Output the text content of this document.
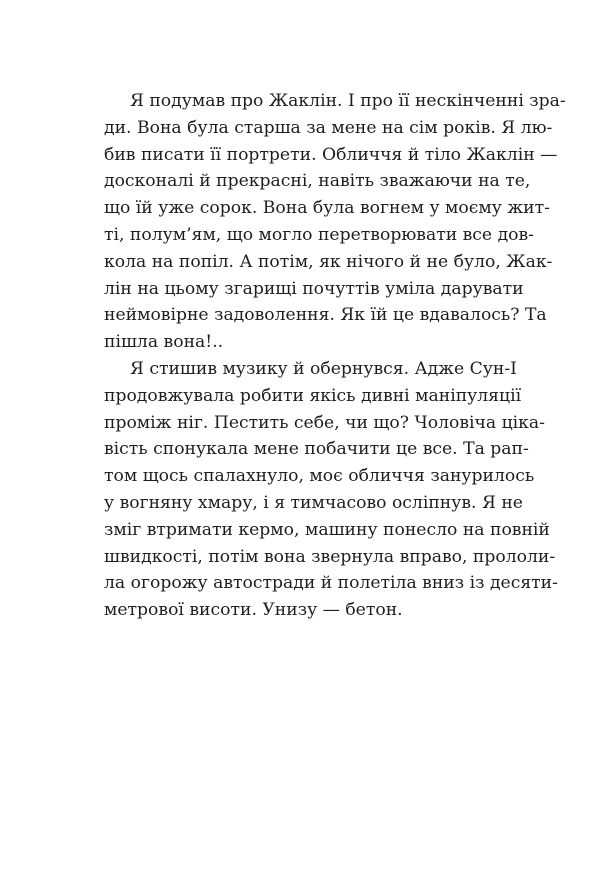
Я подумав про Жаклін. І про її нескінченні зра-
ди. Вона була старша за мене на сім років. Я лю-
бив писати її портрети. Обличчя й тіло Жаклін —
досконалі й прекрасні, навіть зважаючи на те,
що їй уже сорок. Вона була вогнем у моєму жит-
ті, полум’ям, що могло перетворювати все дов-
кола на попіл. А потім, як нічого й не було, Жак-
лін на цьому згарищі почуттів уміла дарувати
неймовірне задоволення. Як їй це вдавалось? Та
пішла вона!..
Я стишив музику й обернувся. Адже Сун-І
продовжувала робити якісь дивні маніпуляції
проміж ніг. Пестить себе, чи що? Чоловіча ціка-
вість спонукала мене побачити це все. Та рап-
том щось спалахнуло, моє обличчя занурилось
у вогняну хмару, і я тимчасово осліпнув. Я не
зміг втримати кермо, машину понесло на повній
швидкості, потім вона звернула вправо, прололи-
ла огорожу автостради й полетіла вниз із десяти-
метрової висоти. Унизу — бетон.
